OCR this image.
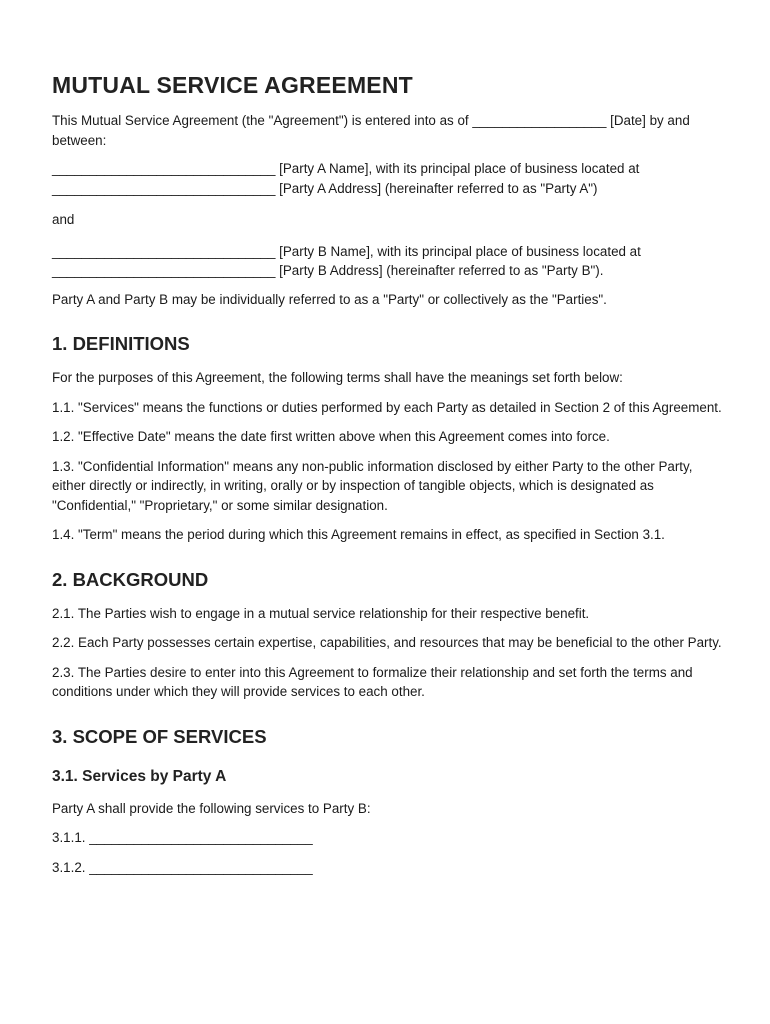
MUTUAL SERVICE AGREEMENT

This Mutual Service Agreement (the "Agreement") is entered into as of __________________ [Date] by and between:

______________________________ [Party A Name], with its principal place of business located at ______________________________ [Party A Address] (hereinafter referred to as "Party A")

and

______________________________ [Party B Name], with its principal place of business located at ______________________________ [Party B Address] (hereinafter referred to as "Party B").

Party A and Party B may be individually referred to as a "Party" or collectively as the "Parties".

1. DEFINITIONS

For the purposes of this Agreement, the following terms shall have the meanings set forth below:

1.1. "Services" means the functions or duties performed by each Party as detailed in Section 2 of this Agreement.

1.2. "Effective Date" means the date first written above when this Agreement comes into force.

1.3. "Confidential Information" means any non-public information disclosed by either Party to the other Party, either directly or indirectly, in writing, orally or by inspection of tangible objects, which is designated as "Confidential," "Proprietary," or some similar designation.

1.4. "Term" means the period during which this Agreement remains in effect, as specified in Section 3.1.

2. BACKGROUND

2.1. The Parties wish to engage in a mutual service relationship for their respective benefit.

2.2. Each Party possesses certain expertise, capabilities, and resources that may be beneficial to the other Party.

2.3. The Parties desire to enter into this Agreement to formalize their relationship and set forth the terms and conditions under which they will provide services to each other.

3. SCOPE OF SERVICES
3.1. Services by Party A

Party A shall provide the following services to Party B:

3.1.1. ______________________________

3.1.2. ______________________________
